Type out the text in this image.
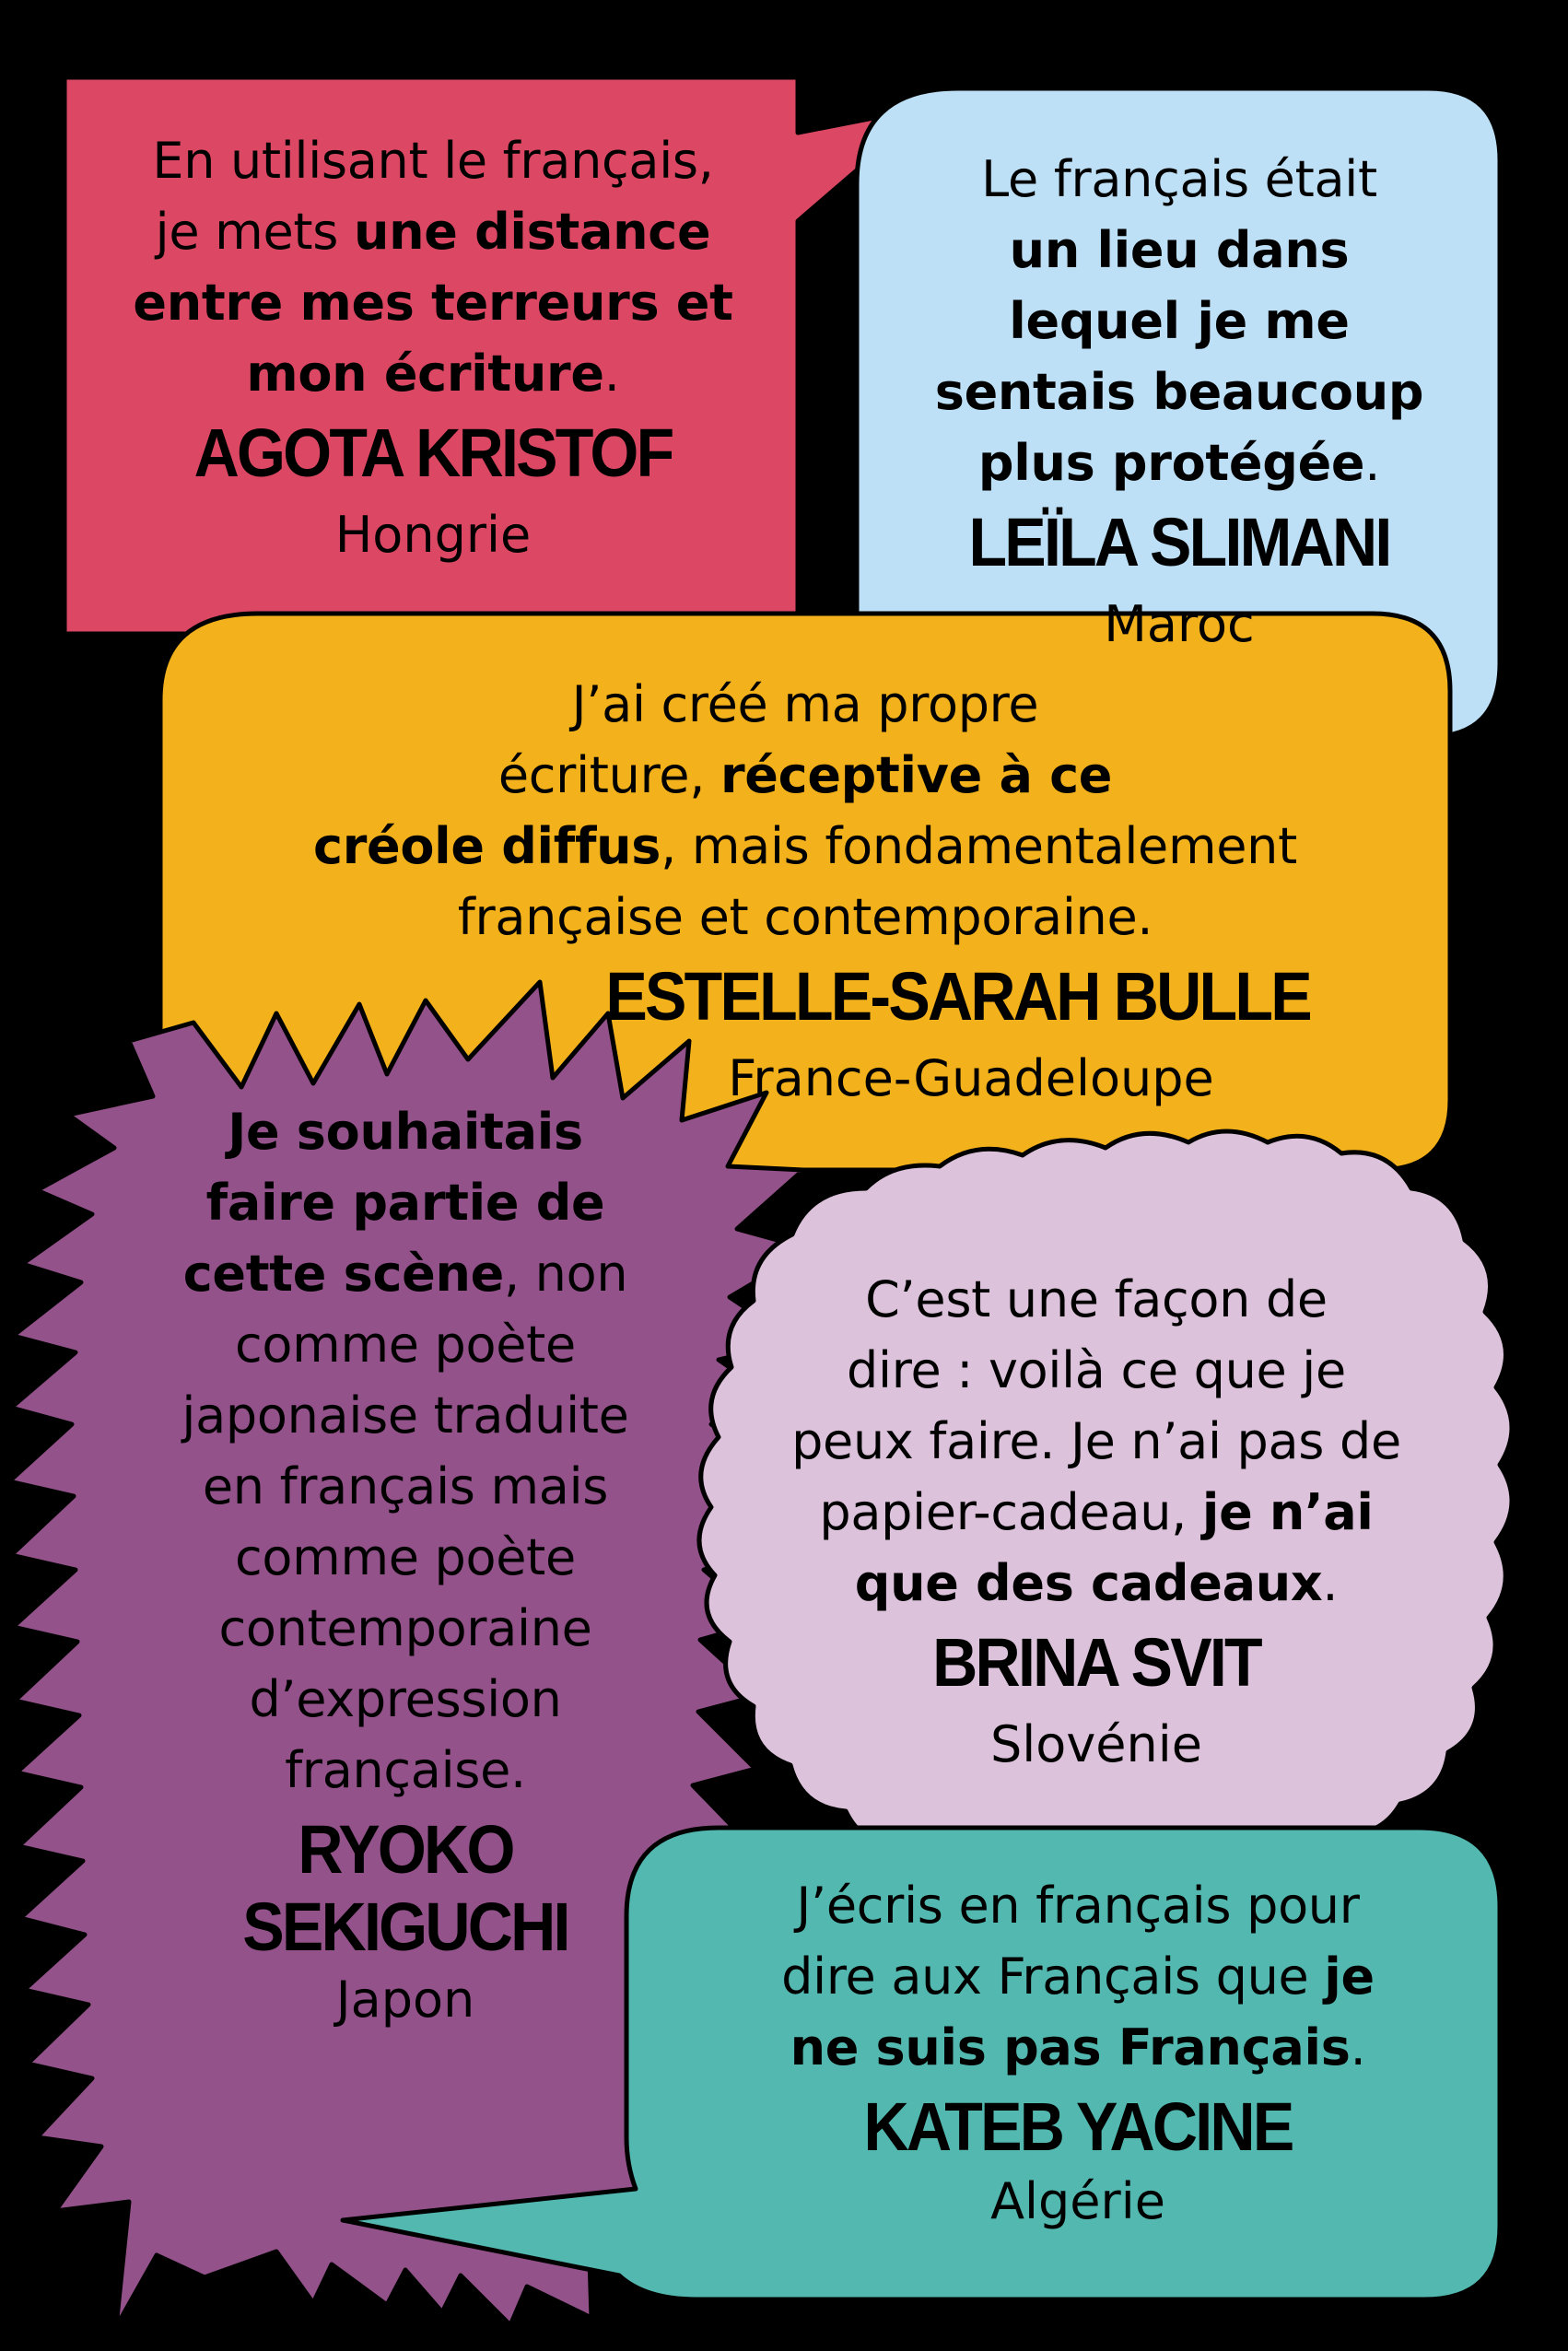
En utilisant le français,
je mets une distance
entre mes terreurs et
mon écriture.
AGOTA KRISTOF
Hongrie
Le français était
un lieu dans
lequel je me
sentais beaucoup
plus protégée.
LEÏLA SLIMANI
Maroc
J’ai créé ma propre
écriture, réceptive à ce
créole diffus, mais fondamentalement
française et contemporaine.
ESTELLE-SARAH BULLE
France-Guadeloupe
Je souhaitais
faire partie de
cette scène, non
comme poète
japonaise traduite
en français mais
comme poète
contemporaine
d’expression
française.
RYOKO
SEKIGUCHI
Japon
C’est une façon de
dire : voilà ce que je
peux faire. Je n’ai pas de
papier-cadeau, je n’ai
que des cadeaux.
BRINA SVIT
Slovénie
J’écris en français pour
dire aux Français que je
ne suis pas Français.
KATEB YACINE
Algérie
